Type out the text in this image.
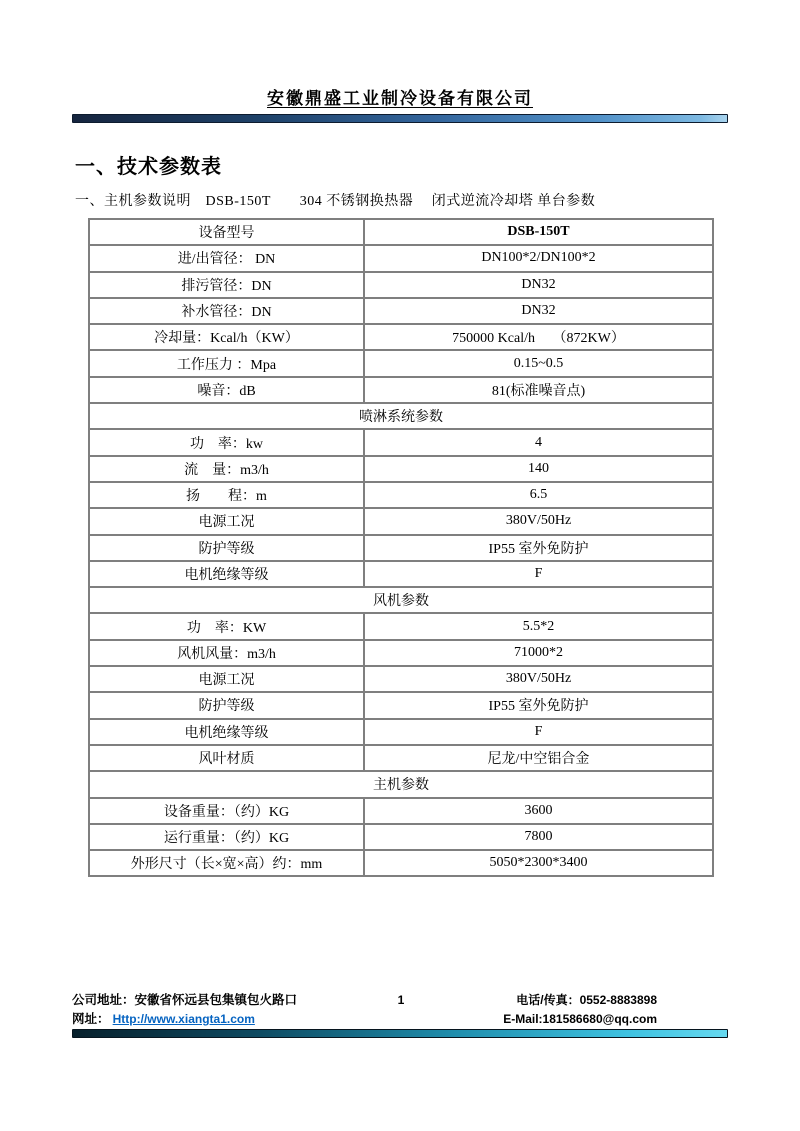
安徽鼎盛工业制冷设备有限公司
一、技术参数表
一、主机参数说明　DSB-150T　　304 不锈钢换热器　 闭式逆流冷却塔 单台参数
设备型号	DSB-150T
进/出管径： DN	DN100*2/DN100*2
排污管径：DN	DN32
补水管径：DN	DN32
冷却量：Kcal/h（KW）	750000 Kcal/h　 （872KW）
工作压力 ：Mpa	0.15~0.5
噪音：dB	81(标准噪音点)
喷淋系统参数	
功　率：kw	4
流　量：m3/h	140
扬　　程：m	6.5
电源工况	380V/50Hz
防护等级	IP55 室外免防护
电机绝缘等级	F
风机参数	
功　率：KW	5.5*2
风机风量：m3/h	71000*2
电源工况	380V/50Hz
防护等级	IP55 室外免防护
电机绝缘等级	F
风叶材质	尼龙/中空铝合金
主机参数	
设备重量：（约）KG	3600
运行重量：（约）KG	7800
外形尺寸（长×宽×高）约：mm	5050*2300*3400
公司地址：安徽省怀远县包集镇包火路口	1	电话/传真：0552-8883898
网址： Http://www.xiangta1.com	E-Mail:181586680@qq.com
